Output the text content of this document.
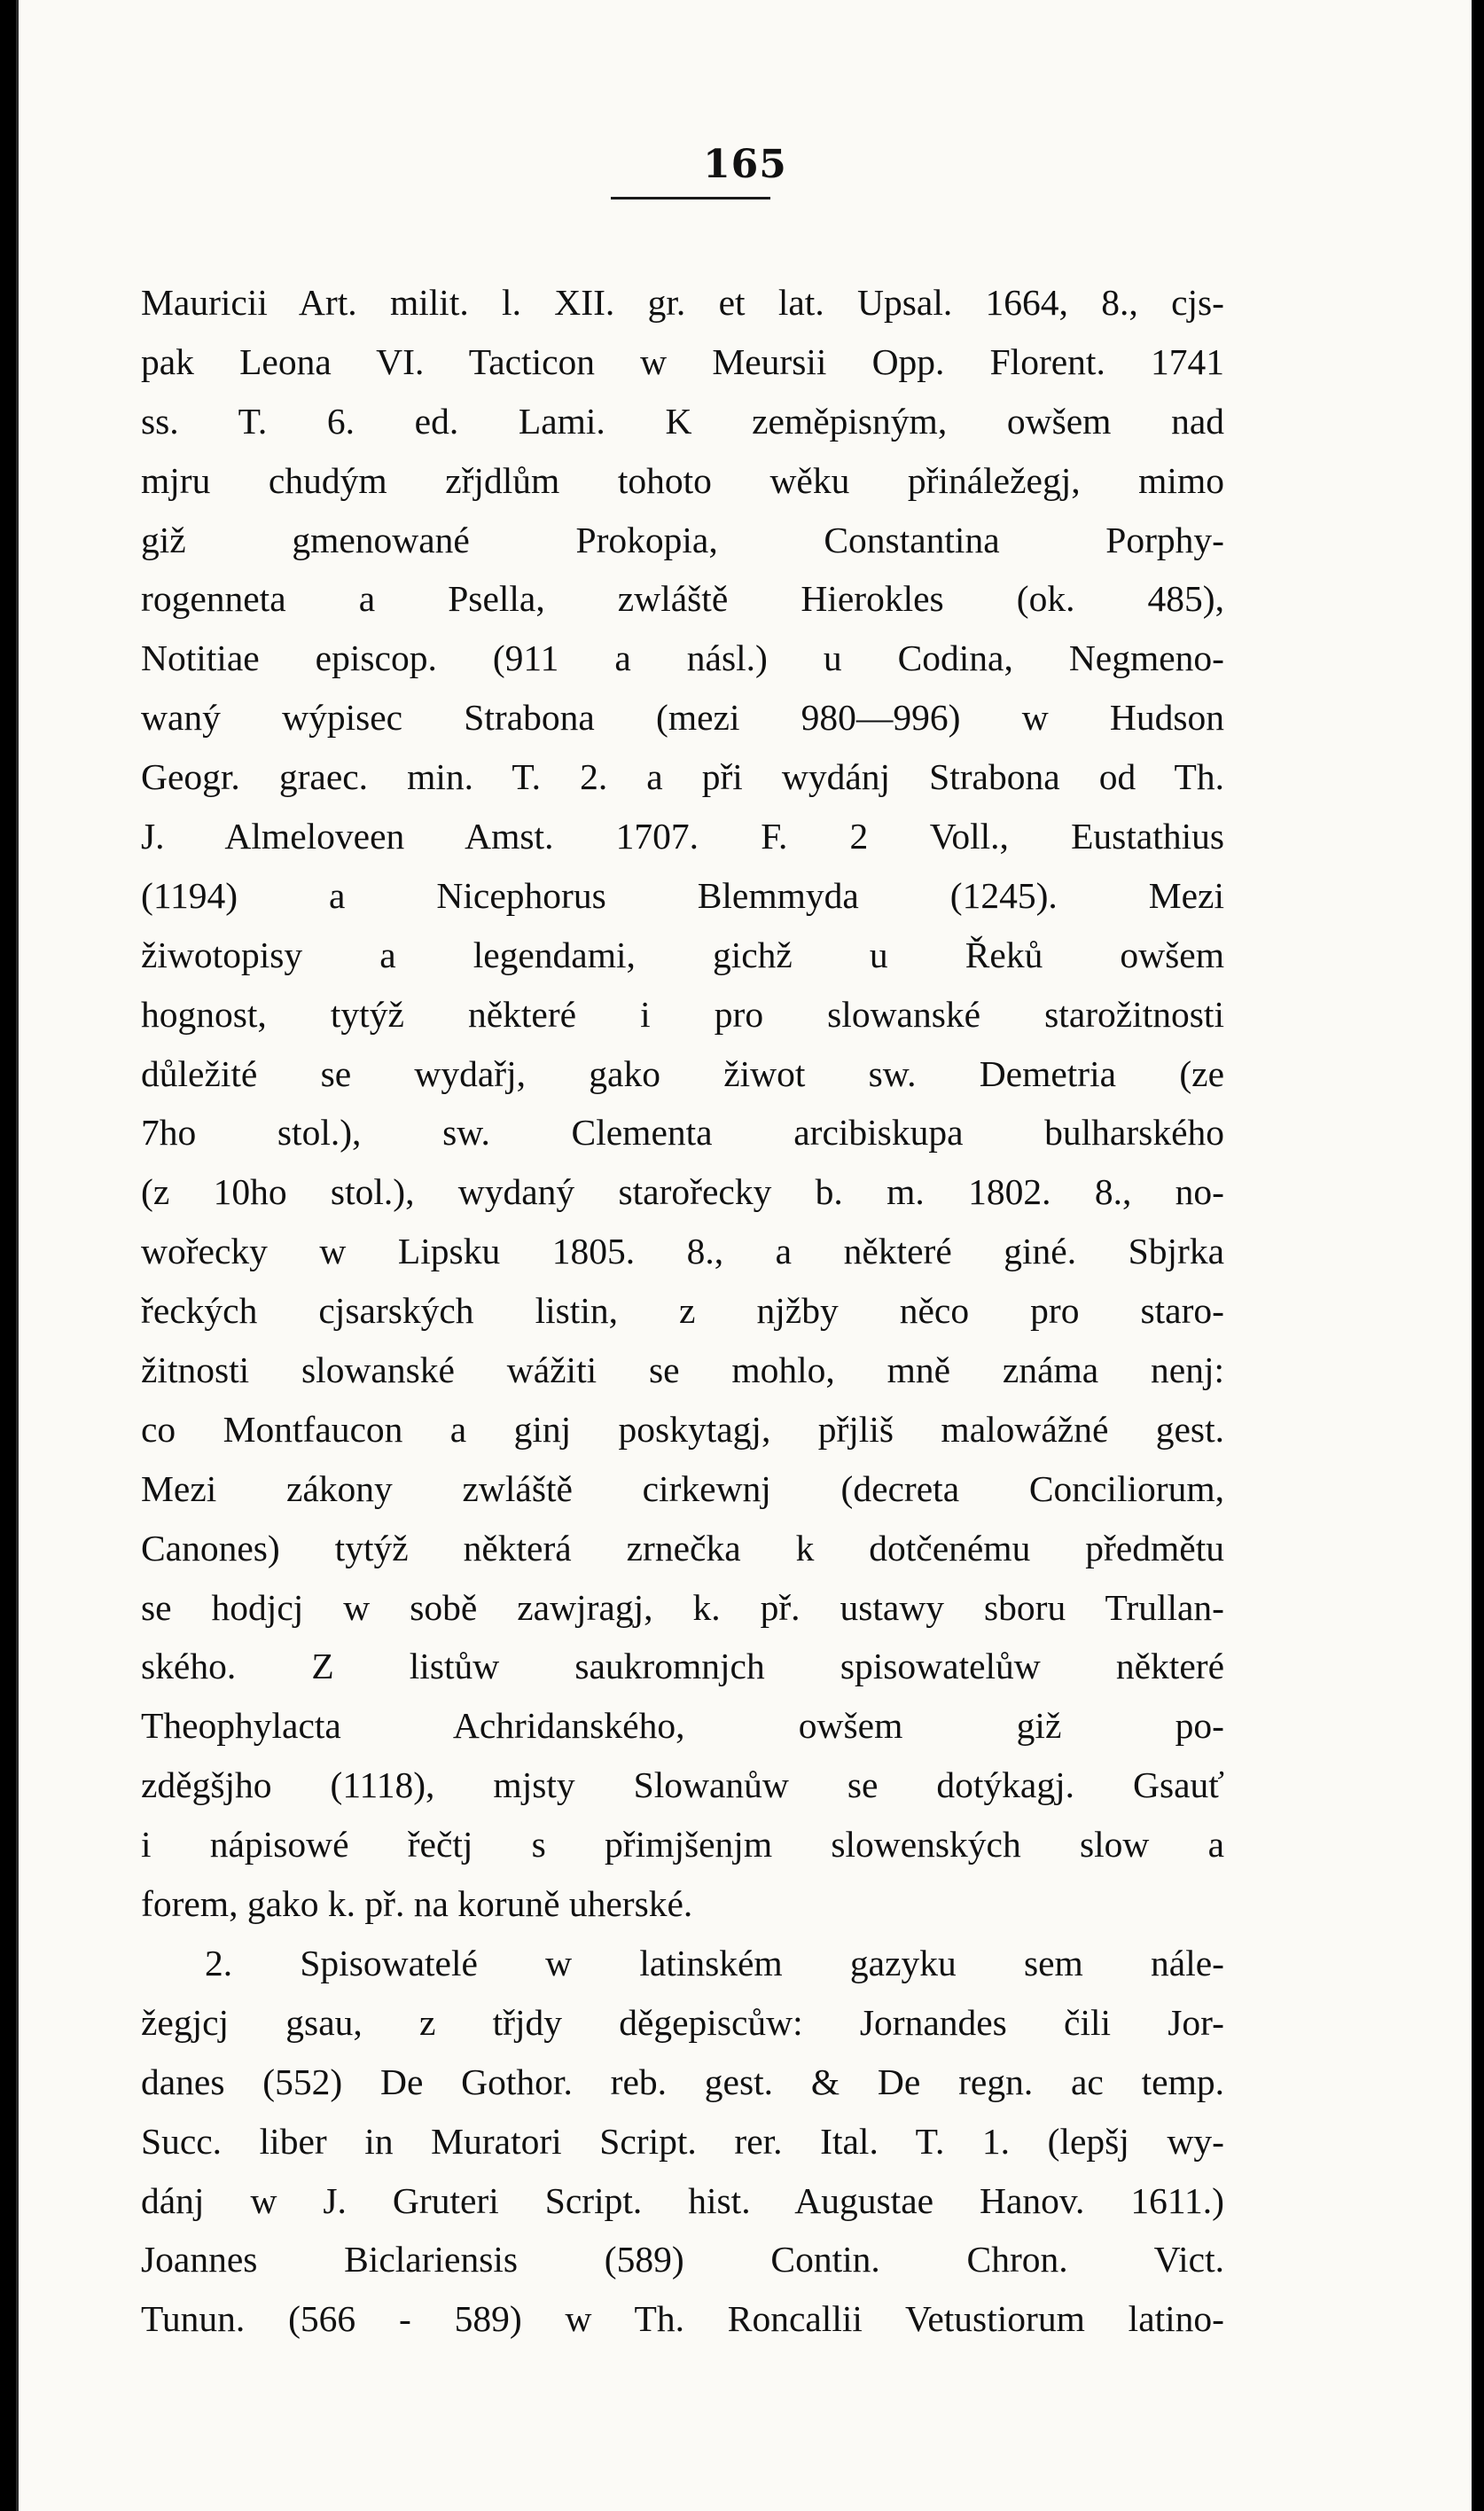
165
Mauricii Art. milit. l. XII. gr. et lat. Upsal. 1664, 8., cjs-
pak Leona VI. Tacticon w Meursii Opp. Florent. 1741
ss. T. 6. ed. Lami. K zeměpisným, owšem nad
mjru chudým zřjdlům tohoto wěku přináležegj, mimo
giž gmenowané Prokopia, Constantina Porphy-
rogenneta a Psella, zwláště Hierokles (ok. 485),
Notitiae episcop. (911 a násl.) u Codina, Negmeno-
waný wýpisec Strabona (mezi 980—996) w Hudson
Geogr. graec. min. T. 2. a při wydánj Strabona od Th.
J. Almeloveen Amst. 1707. F. 2 Voll., Eustathius
(1194) a Nicephorus Blemmyda (1245). Mezi
žiwotopisy a legendami, gichž u Řeků owšem
hognost, tytýž některé i pro slowanské starožitnosti
důležité se wydařj, gako žiwot sw. Demetria (ze
7ho stol.), sw. Clementa arcibiskupa bulharského
(z 10ho stol.), wydaný starořecky b. m. 1802. 8., no-
wořecky w Lipsku 1805. 8., a některé giné. Sbjrka
řeckých cjsarských listin, z njžby něco pro staro-
žitnosti slowanské wážiti se mohlo, mně známa nenj:
co Montfaucon a ginj poskytagj, přjliš malowážné gest.
Mezi zákony zwláště cirkewnj (decreta Conciliorum,
Canones) tytýž některá zrnečka k dotčenému předmětu
se hodjcj w sobě zawjragj, k. př. ustawy sboru Trullan-
ského. Z listůw saukromnjch spisowatelůw některé
Theophylacta Achridanského, owšem giž po-
zděgšjho (1118), mjsty Slowanůw se dotýkagj. Gsauť
i nápisowé řečtj s přimjšenjm slowenských slow a
forem, gako k. př. na koruně uherské.
2. Spisowatelé w latinském gazyku sem nále-
žegjcj gsau, z třjdy děgepiscůw: Jornandes čili Jor-
danes (552) De Gothor. reb. gest. & De regn. ac temp.
Succ. liber in Muratori Script. rer. Ital. T. 1. (lepšj wy-
dánj w J. Gruteri Script. hist. Augustae Hanov. 1611.)
Joannes Biclariensis (589) Contin. Chron. Vict.
Tunun. (566 - 589) w Th. Roncallii Vetustiorum latino-
